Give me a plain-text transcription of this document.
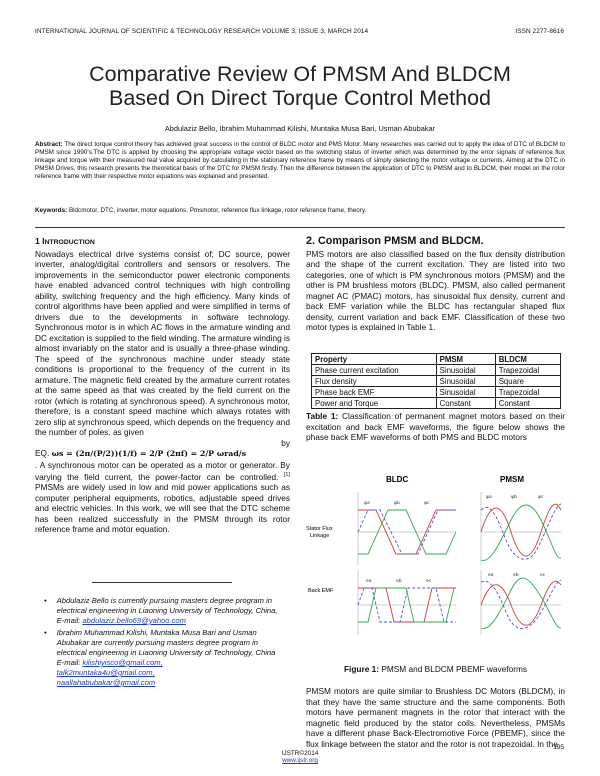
INTERNATIONAL JOURNAL OF SCIENTIFIC & TECHNOLOGY RESEARCH VOLUME 3, ISSUE 3, MARCH 2014	ISSN 2277-8616
Comparative Review Of PMSM And BLDCM
Based On Direct Torque Control Method
Abdulaziz Bello, Ibrahim Muhammad Kilishi, Muntaka Musa Bari, Usman Abubakar
Abstract: The direct torque control theory has achieved great success in the control of BLDC motor and PMS Motor. Many researches was carried out to apply the idea of DTC of BLDCM to PMSM since 1990's.The DTC is applied by choosing the appropriate voltage vector based on the switching status of inverter which was determined by the error signals of reference flux linkage and torque with their measured real value acquired by calculating in the stationary reference frame by means of simply detecting the motor voltage or currents. Aiming at the DTC in PMSM Drives, this research presents the theoretical basis of the DTC for PMSM firstly. Then the difference between the application of DTC to PMSM and to BLDCM, their model on the rotor reference frame with their respective motor equations was explained and presented.
Keywords: Bldcmotor, DTC, inverter, motor equations, Pmsmotor, reference flux linkage, rotor reference frame, theory.
1 INTRODUCTION
Nowadays electrical drive systems consist of; DC source, power inverter, analog/digital controllers and sensors or resolvers. The improvements in the semiconductor power electronic components have enabled advanced control techniques with high controlling ability, switching frequency and the high efficiency. Many kinds of control algorithms have been applied and were simplified in terms of drivers due to the developments in software technology. Synchronous motor is in which AC flows in the armature winding and DC excitation is supplied to the field winding. The armature winding is almost invariably on the stator and is usually a three-phase winding. The speed of the synchronous machine under steady state conditions is proportional to the frequency of the current in its armature. The magnetic field created by the armature current rotates at the same speed as that was created by the field current on the rotor (which is rotating at synchronous speed). A synchronous motor, therefore, is a constant speed machine which always rotates with zero slip at synchronous speed, which depends on the frequency and the number of poles, as given
by
EQ. ωs = (2π/(P/2))(1/f) = 2/P (2πf) = 2/P ωrad/s
. A synchronous motor can be operated as a motor or generator. By varying the field current, the power-factor can be controlled. [1] PMSMs are widely used in low and mid power applications such as computer peripheral equipments, robotics, adjustable speed drives and electric vehicles. In this work, we will see that the DTC scheme has been realized successfully in the PMSM through its rotor reference frame and motor equation.
• Abdulaziz Bello is currently pursuing masters degree program in electrical engineering in Liaoning University of Technology, China,
E-mail: abdulaziz.bello69@yahoo.com
• Ibrahim Muhammad Kilishi, Muntaka Musa Bari and Usman Abubakar are currently pursuing masters degree program in electrical engineering in Liaoning University of Technology, China
E-mail: kilishiyisco@gmail.com,
talk2muntaka4u@gmail.com,
naallahabubakar@gmail.com
2. Comparison PMSM and BLDCM.
PMS motors are also classified based on the flux density distribution and the shape of the current excitation. They are listed into two categories, one of which is PM synchronous motors (PMSM) and the other is PM brushless motors (BLDC). PMSM, also called permanent magnet AC (PMAC) motors, has sinusoidal flux density, current and back EMF variation while the BLDC has rectangular shaped flux density, current variation and back EMF. Classification of these two motor types is explained in Table 1.
Property	PMSM	BLDCM
Phase current excitation	Sinusoidal	Trapezoidal
Flux density	Sinusoidal	Square
Phase back EMF	Sinusoidal	Trapezoidal
Power and Torque	Constant	Constant
Table 1: Classification of permanent magnet motors based on their excitation and back EMF waveforms, the figure below shows the phase back EMF waveforms of both PMS and BLDC motors
BLDC	PMSM
Stator Flux
Linkage
Back EMF
ψa	ψb	ψc
ψa	ψb	ψc
ea	eb	ec
ea	eb	ec
Figure 1: PMSM and BLDCM PBEMF waveforms
PMSM motors are quite similar to Brushless DC Motors (BLDCM), in that they have the same structure and the same components. Both motors have permanent magnets in the rotor that interact with the magnetic field produced by the stator coils. Nevertheless, PMSMs have a different phase Back-Electromotive Force (PBEMF), since the flux linkage between the stator and the rotor is not trapezoidal. In the
IJSTR©2014
www.ijstr.org
195
